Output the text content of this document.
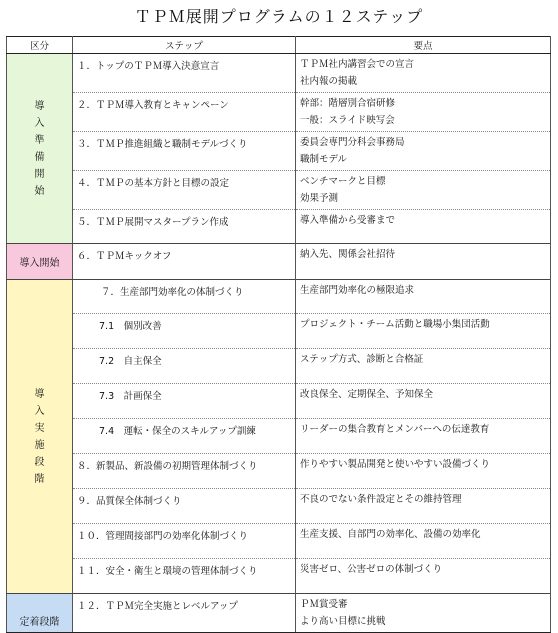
ＴＰＭ展開プログラムの１２ステップ
区分	ステップ	要点
導入準備開始	１．トップのＴＰＭ導入決意宣言	ＴＰＭ社内講習会での宣言
社内報の掲載

	２．ＴＰＭ導入教育とキャンペーン	幹部：階層別合宿研修
一般：スライド映写会

	３．ＴＭＰ推進組織と職制モデルづくり	委員会専門分科会事務局
職制モデル

	４．ＴＭＰの基本方針と目標の設定	ベンチマークと目標
効果予測

	５．ＴＭＰ展開マスタープラン作成	導入準備から受審まで

導入開始	６．ＴＰＭキックオフ	納入先、関係会社招待

導入実施段階	７．生産部門効率化の体制づくり	生産部門効率化の極限追求

	7.1　個別改善	プロジェクト・チーム活動と職場小集団活動

	7.2　自主保全	ステップ方式、診断と合格証

	7.3　計画保全	改良保全、定期保全、予知保全

	7.4　運転・保全のスキルアップ訓練	リーダーの集合教育とメンバーへの伝達教育

	８．新製品、新設備の初期管理体制づくり	作りやすい製品開発と使いやすい設備づくり

	９．品質保全体制づくり	不良のでない条件設定とその維持管理

	１０．管理間接部門の効率化体制づくり	生産支援、自部門の効率化、設備の効率化

	１１．安全・衛生と環境の管理体制づくり	災害ゼロ、公害ゼロの体制づくり

定着段階	１２．ＴＰＭ完全実施とレベルアップ	ＰＭ賞受審
より高い目標に挑戦
